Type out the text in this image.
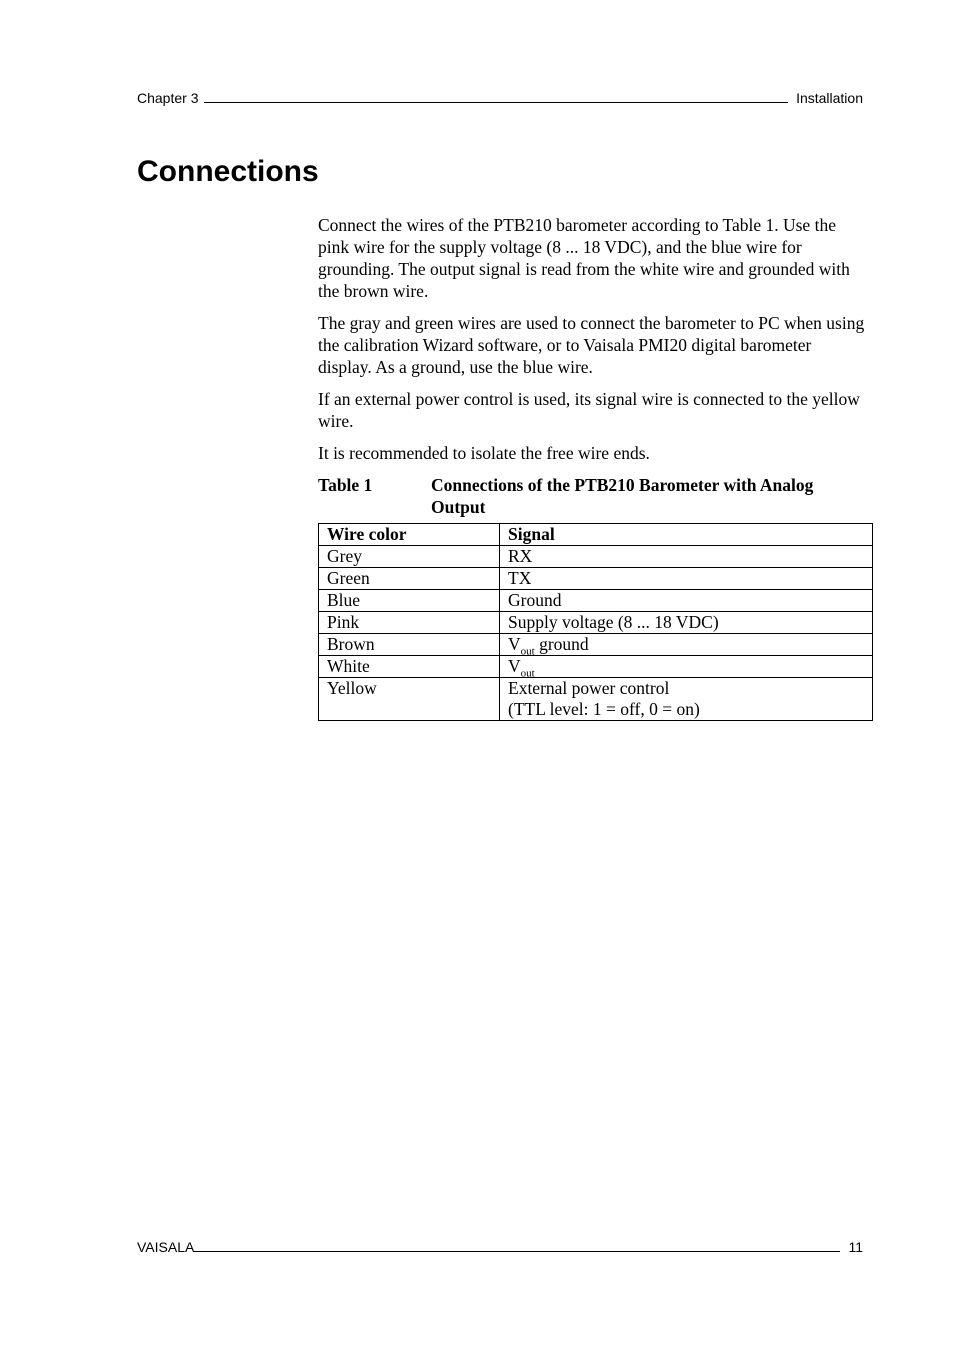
Chapter 3	Installation
Connections

Connect the wires of the PTB210 barometer according to Table 1. Use the pink wire for the supply voltage (8 ... 18 VDC), and the blue wire for grounding. The output signal is read from the white wire and grounded with the brown wire.

The gray and green wires are used to connect the barometer to PC when using the calibration Wizard software, or to Vaisala PMI20 digital barometer display. As a ground, use the blue wire.

If an external power control is used, its signal wire is connected to the yellow wire.

It is recommended to isolate the free wire ends.

Table 1	Connections of the PTB210 Barometer with Analog Output
Wire color	Signal
Grey	RX
Green	TX
Blue	Ground
Pink	Supply voltage (8 ... 18 VDC)
Brown	$V_{out}$ ground
White	$V_{out}$
Yellow	External power control
(TTL level: 1 = off, 0 = on)
VAISALA	11
